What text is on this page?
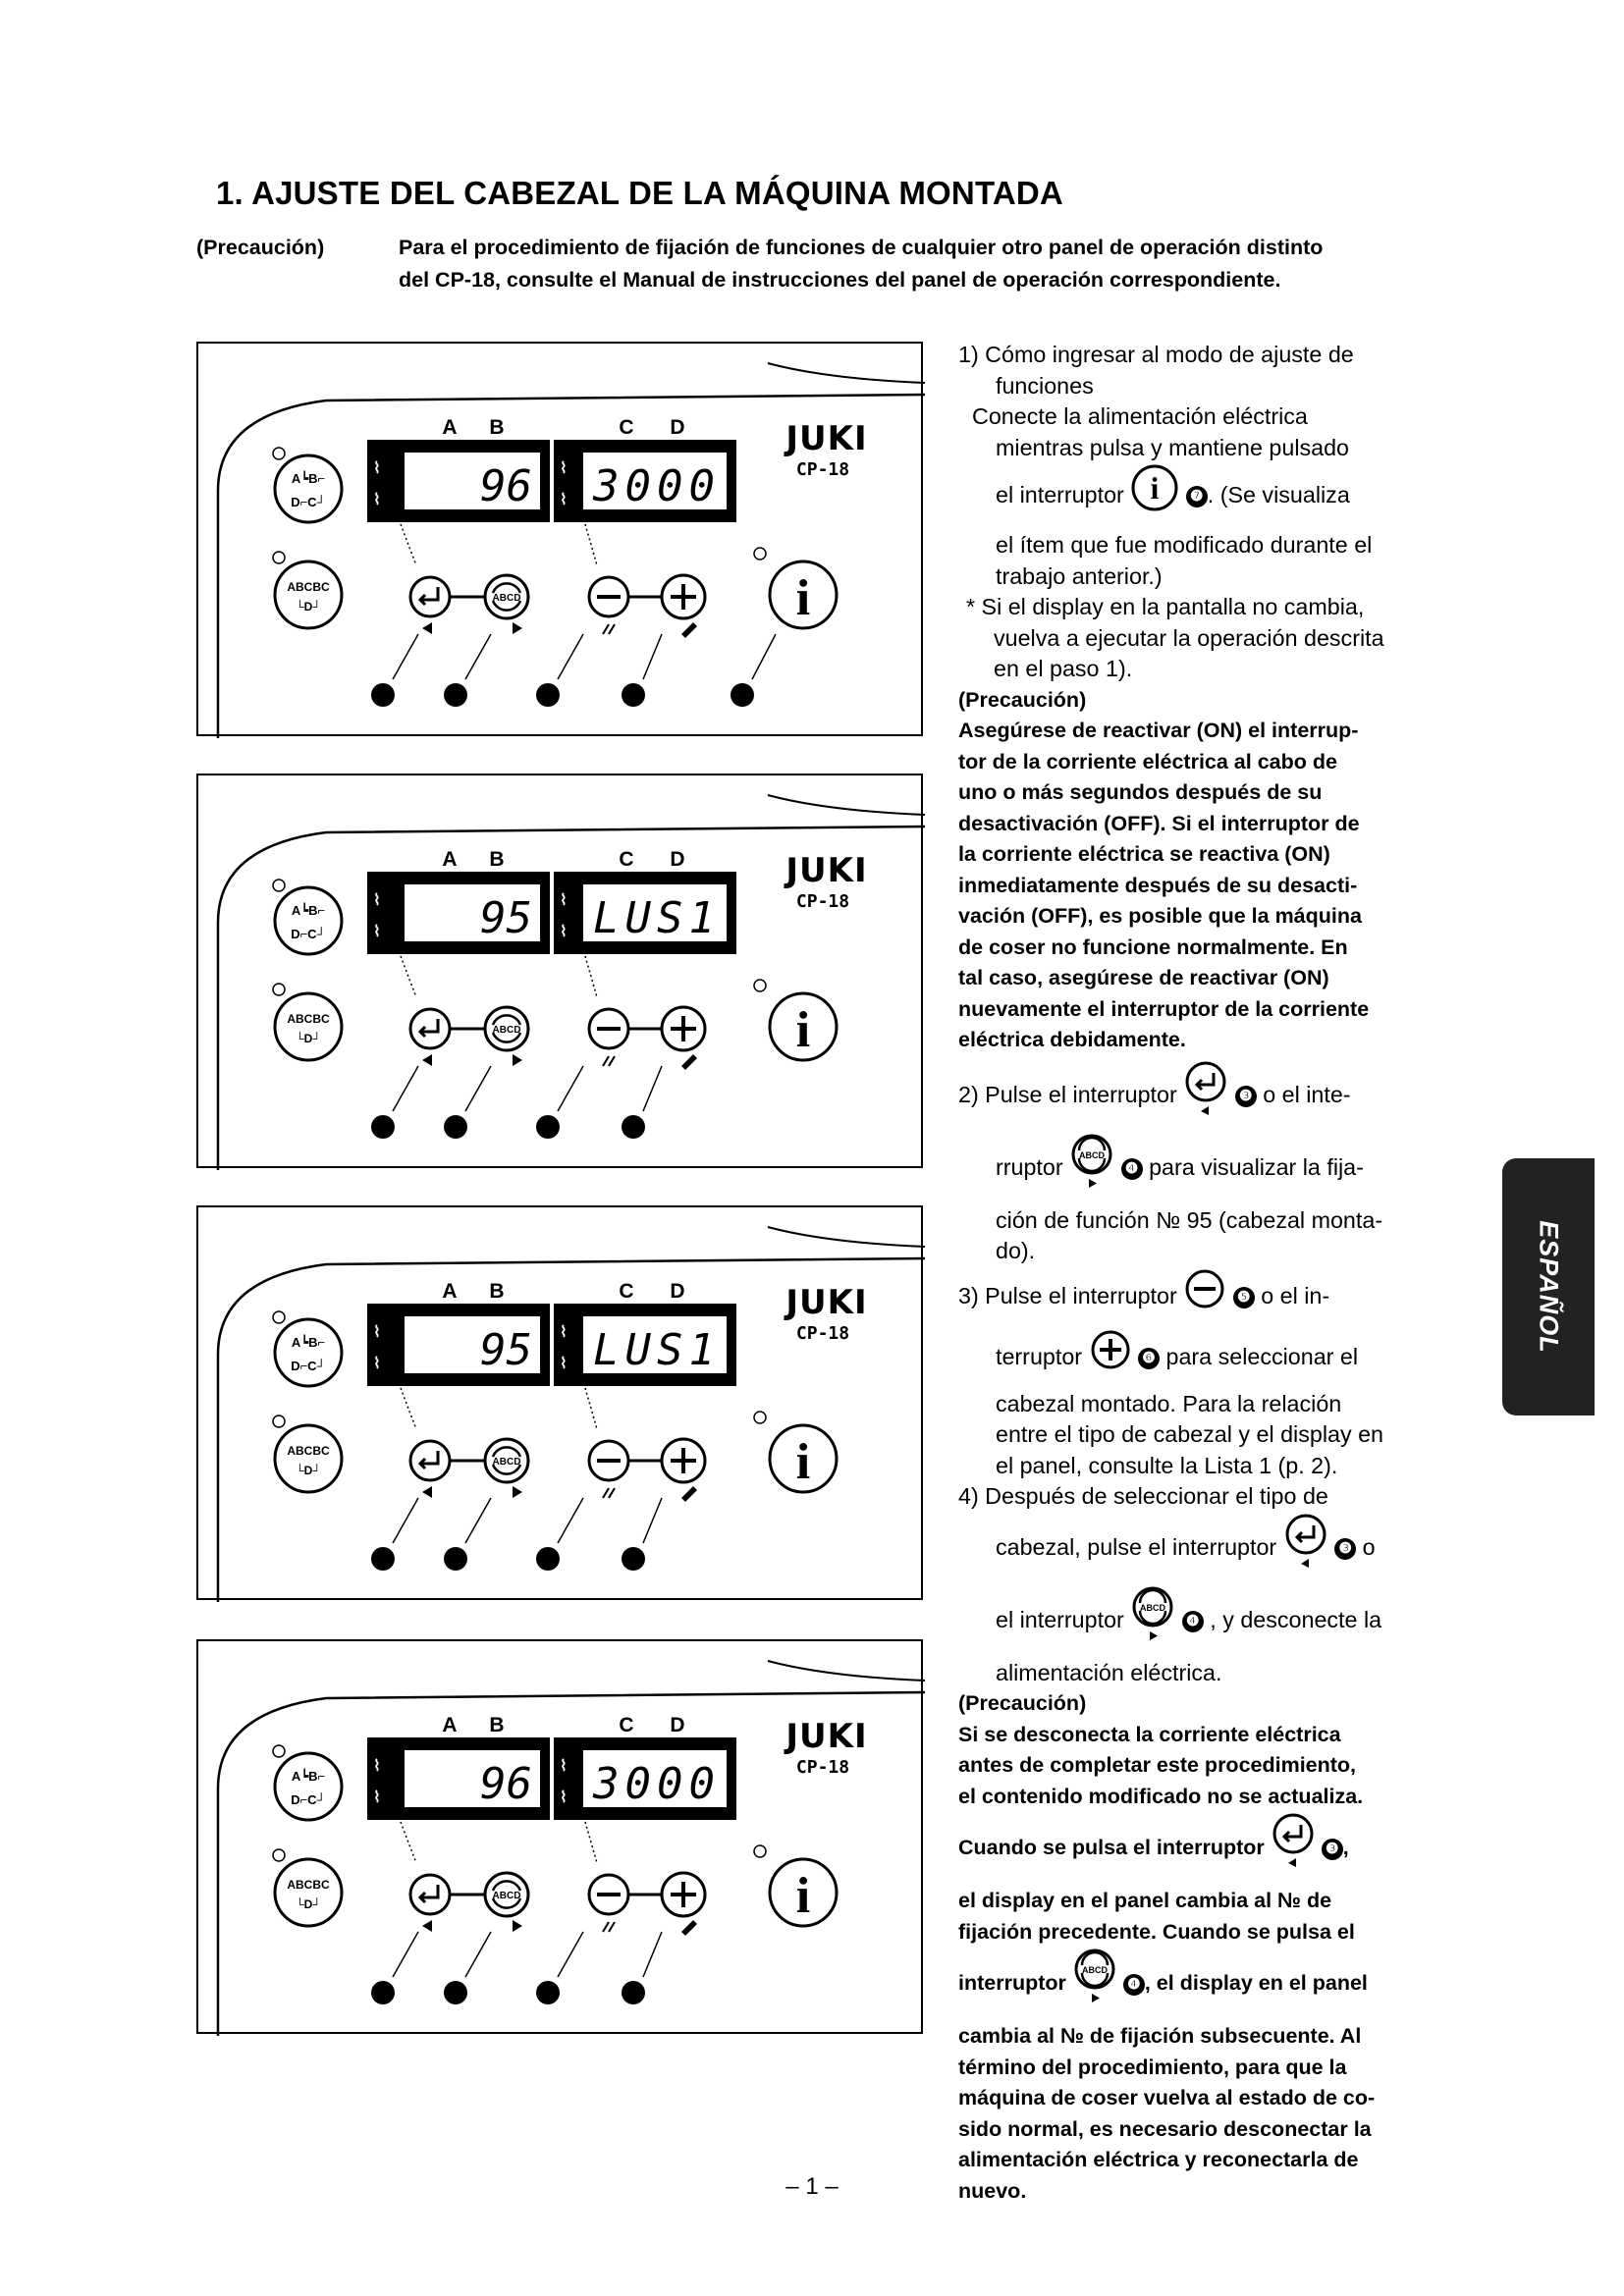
1. AJUSTE DEL CABEZAL DE LA MÁQUINA MONTADA
(Precaución)	Para el procedimiento de fijación de funciones de cualquier otro panel de operación distinto
del CP-18, consulte el Manual de instrucciones del panel de operación correspondiente.
A B	C D
⌇
⌇
⌇
⌇
96 3000
JUKI
CP-18
A┕B⌐
D⌐C┘
ABCBC
└D┘
ABCD	i
❸ ❹	❺ ❻	❼
A B	C D
⌇
⌇
⌇
⌇
95 LUS1
JUKI
CP-18
A┕B⌐
D⌐C┘
ABCBC
└D┘
ABCD	i
❸ ❹	❺ ❻
A B	C D
⌇
⌇
⌇
⌇
95 LUS1
JUKI
CP-18
A┕B⌐
D⌐C┘
ABCBC
└D┘
ABCD	i
❸ ❹	❺ ❻
A B	C D
⌇
⌇
⌇
⌇
96 3000
JUKI
CP-18
A┕B⌐
D⌐C┘
ABCBC
└D┘
ABCD	i
❸ ❹	❺ ❻

1) Cómo ingresar al modo de ajuste de

funciones

Conecte la alimentación eléctrica

mientras pulsa y mantiene pulsado

el interruptor i ❼ . (Se visualiza

el ítem que fue modificado durante el

trabajo anterior.)

* Si el display en la pantalla no cambia,

vuelva a ejecutar la operación descrita

en el paso 1).

(Precaución)

Asegúrese de reactivar (ON) el interrup-

tor de la corriente eléctrica al cabo de

uno o más segundos después de su

desactivación (OFF). Si el interruptor de

la corriente eléctrica se reactiva (ON)

inmediatamente después de su desacti-

vación (OFF), es posible que la máquina

de coser no funcione normalmente. En

tal caso, asegúrese de reactivar (ON)

nuevamente el interruptor de la corriente

eléctrica debidamente.

2) Pulse el interruptor	❸ o el inte-

rruptor ABCD
❹ para visualizar la fija-

ción de función № 95 (cabezal monta-

do).

3) Pulse el interruptor	❺ o el in-

terruptor	❻ para seleccionar el

cabezal montado. Para la relación

entre el tipo de cabezal y el display en

el panel, consulte la Lista 1 (p. 2).

4) Después de seleccionar el tipo de

cabezal, pulse el interruptor	❸ o

el interruptor ABCD
❹ , y desconecte la

alimentación eléctrica.

(Precaución)

Si se desconecta la corriente eléctrica

antes de completar este procedimiento,

el contenido modificado no se actualiza.

Cuando se pulsa el interruptor	❸ ,

el display en el panel cambia al № de

fijación precedente. Cuando se pulsa el

interruptor
ABCD
❹ , el display en el panel

cambia al № de fijación subsecuente. Al

término del procedimiento, para que la

máquina de coser vuelva al estado de co-

sido normal, es necesario desconectar la

alimentación eléctrica y reconectarla de

nuevo.

ESPAÑOL
– 1 –
